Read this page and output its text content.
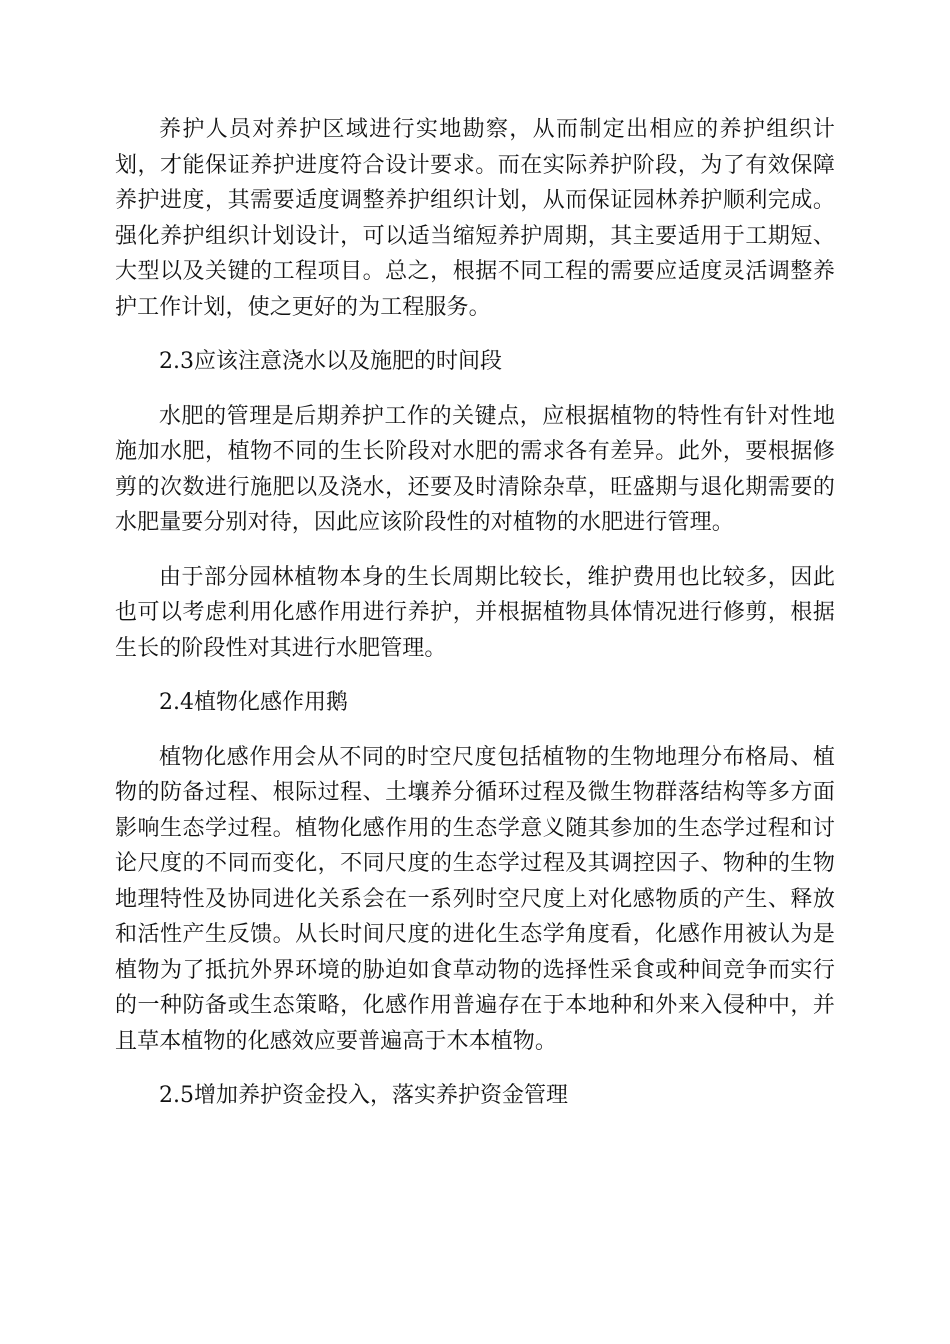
养护人员对养护区域进行实地勘察，从而制定出相应的养护组织计划，才能保证养护进度符合设计要求。而在实际养护阶段，为了有效保障养护进度，其需要适度调整养护组织计划，从而保证园林养护顺利完成。强化养护组织计划设计，可以适当缩短养护周期，其主要适用于工期短、大型以及关键的工程项目。总之，根据不同工程的需要应适度灵活调整养护工作计划，使之更好的为工程服务。

2.3应该注意浇水以及施肥的时间段

水肥的管理是后期养护工作的关键点，应根据植物的特性有针对性地施加水肥，植物不同的生长阶段对水肥的需求各有差异。此外，要根据修剪的次数进行施肥以及浇水，还要及时清除杂草，旺盛期与退化期需要的水肥量要分别对待，因此应该阶段性的对植物的水肥进行管理。

由于部分园林植物本身的生长周期比较长，维护费用也比较多，因此也可以考虑利用化感作用进行养护，并根据植物具体情况进行修剪，根据生长的阶段性对其进行水肥管理。

2.4植物化感作用鹅

植物化感作用会从不同的时空尺度包括植物的生物地理分布格局、植物的防备过程、根际过程、土壤养分循环过程及微生物群落结构等多方面影响生态学过程。植物化感作用的生态学意义随其参加的生态学过程和讨论尺度的不同而变化，不同尺度的生态学过程及其调控因子、物种的生物地理特性及协同进化关系会在一系列时空尺度上对化感物质的产生、释放和活性产生反馈。从长时间尺度的进化生态学角度看，化感作用被认为是植物为了抵抗外界环境的胁迫如食草动物的选择性采食或种间竞争而实行的一种防备或生态策略，化感作用普遍存在于本地种和外来入侵种中，并且草本植物的化感效应要普遍高于木本植物。

2.5增加养护资金投入，落实养护资金管理
